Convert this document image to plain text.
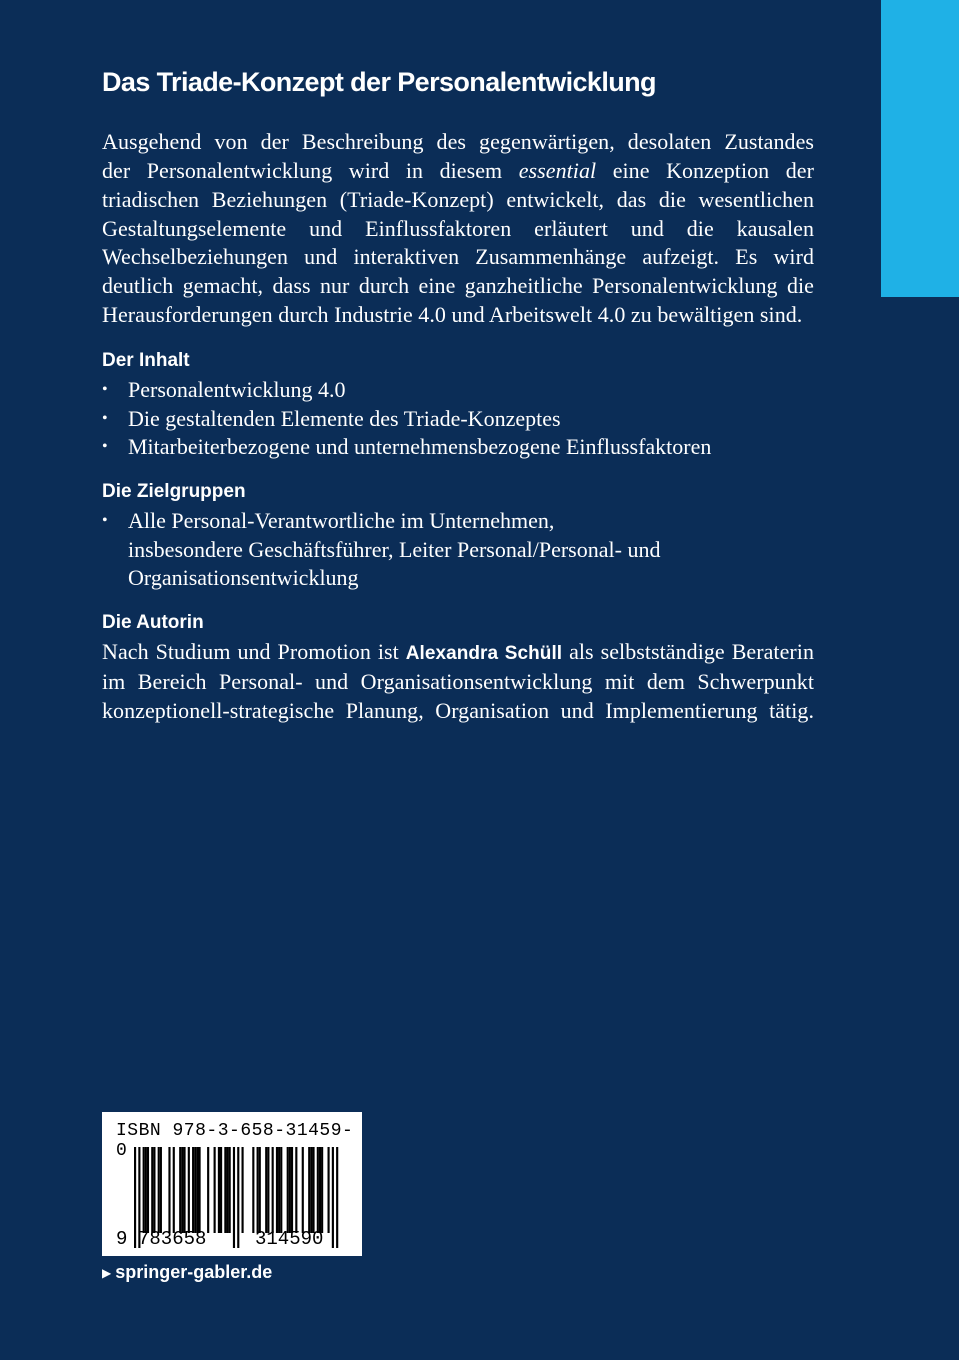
Das Triade-Konzept der Personalentwicklung
Ausgehend von der Beschreibung des gegenwärtigen, desolaten Zustandes
der Personalentwicklung wird in diesem essential eine Konzeption der
triadischen Beziehungen (Triade-Konzept) entwickelt, das die wesentlichen
Gestaltungselemente und Einflussfaktoren erläutert und die kausalen
Wechselbeziehungen und interaktiven Zusammenhänge aufzeigt. Es wird
deutlich gemacht, dass nur durch eine ganzheitliche Personalentwicklung die
Herausforderungen durch Industrie 4.0 und Arbeitswelt 4.0 zu bewältigen sind.
Der Inhalt
• Personalentwicklung 4.0
• Die gestaltenden Elemente des Triade-Konzeptes
• Mitarbeiterbezogene und unternehmensbezogene Einflussfaktoren
Die Zielgruppen
• Alle Personal-Verantwortliche im Unternehmen,
insbesondere Geschäftsführer, Leiter Personal/Personal- und
Organisationsentwicklung
Die Autorin
Nach Studium und Promotion ist Alexandra Schüll als selbstständige Beraterin
im Bereich Personal- und Organisationsentwicklung mit dem Schwerpunkt
konzeptionell-strategische Planung, Organisation und Implementierung tätig.
ISBN 978-3-658-31459-0
9 783658	314590
▶ springer-gabler.de
